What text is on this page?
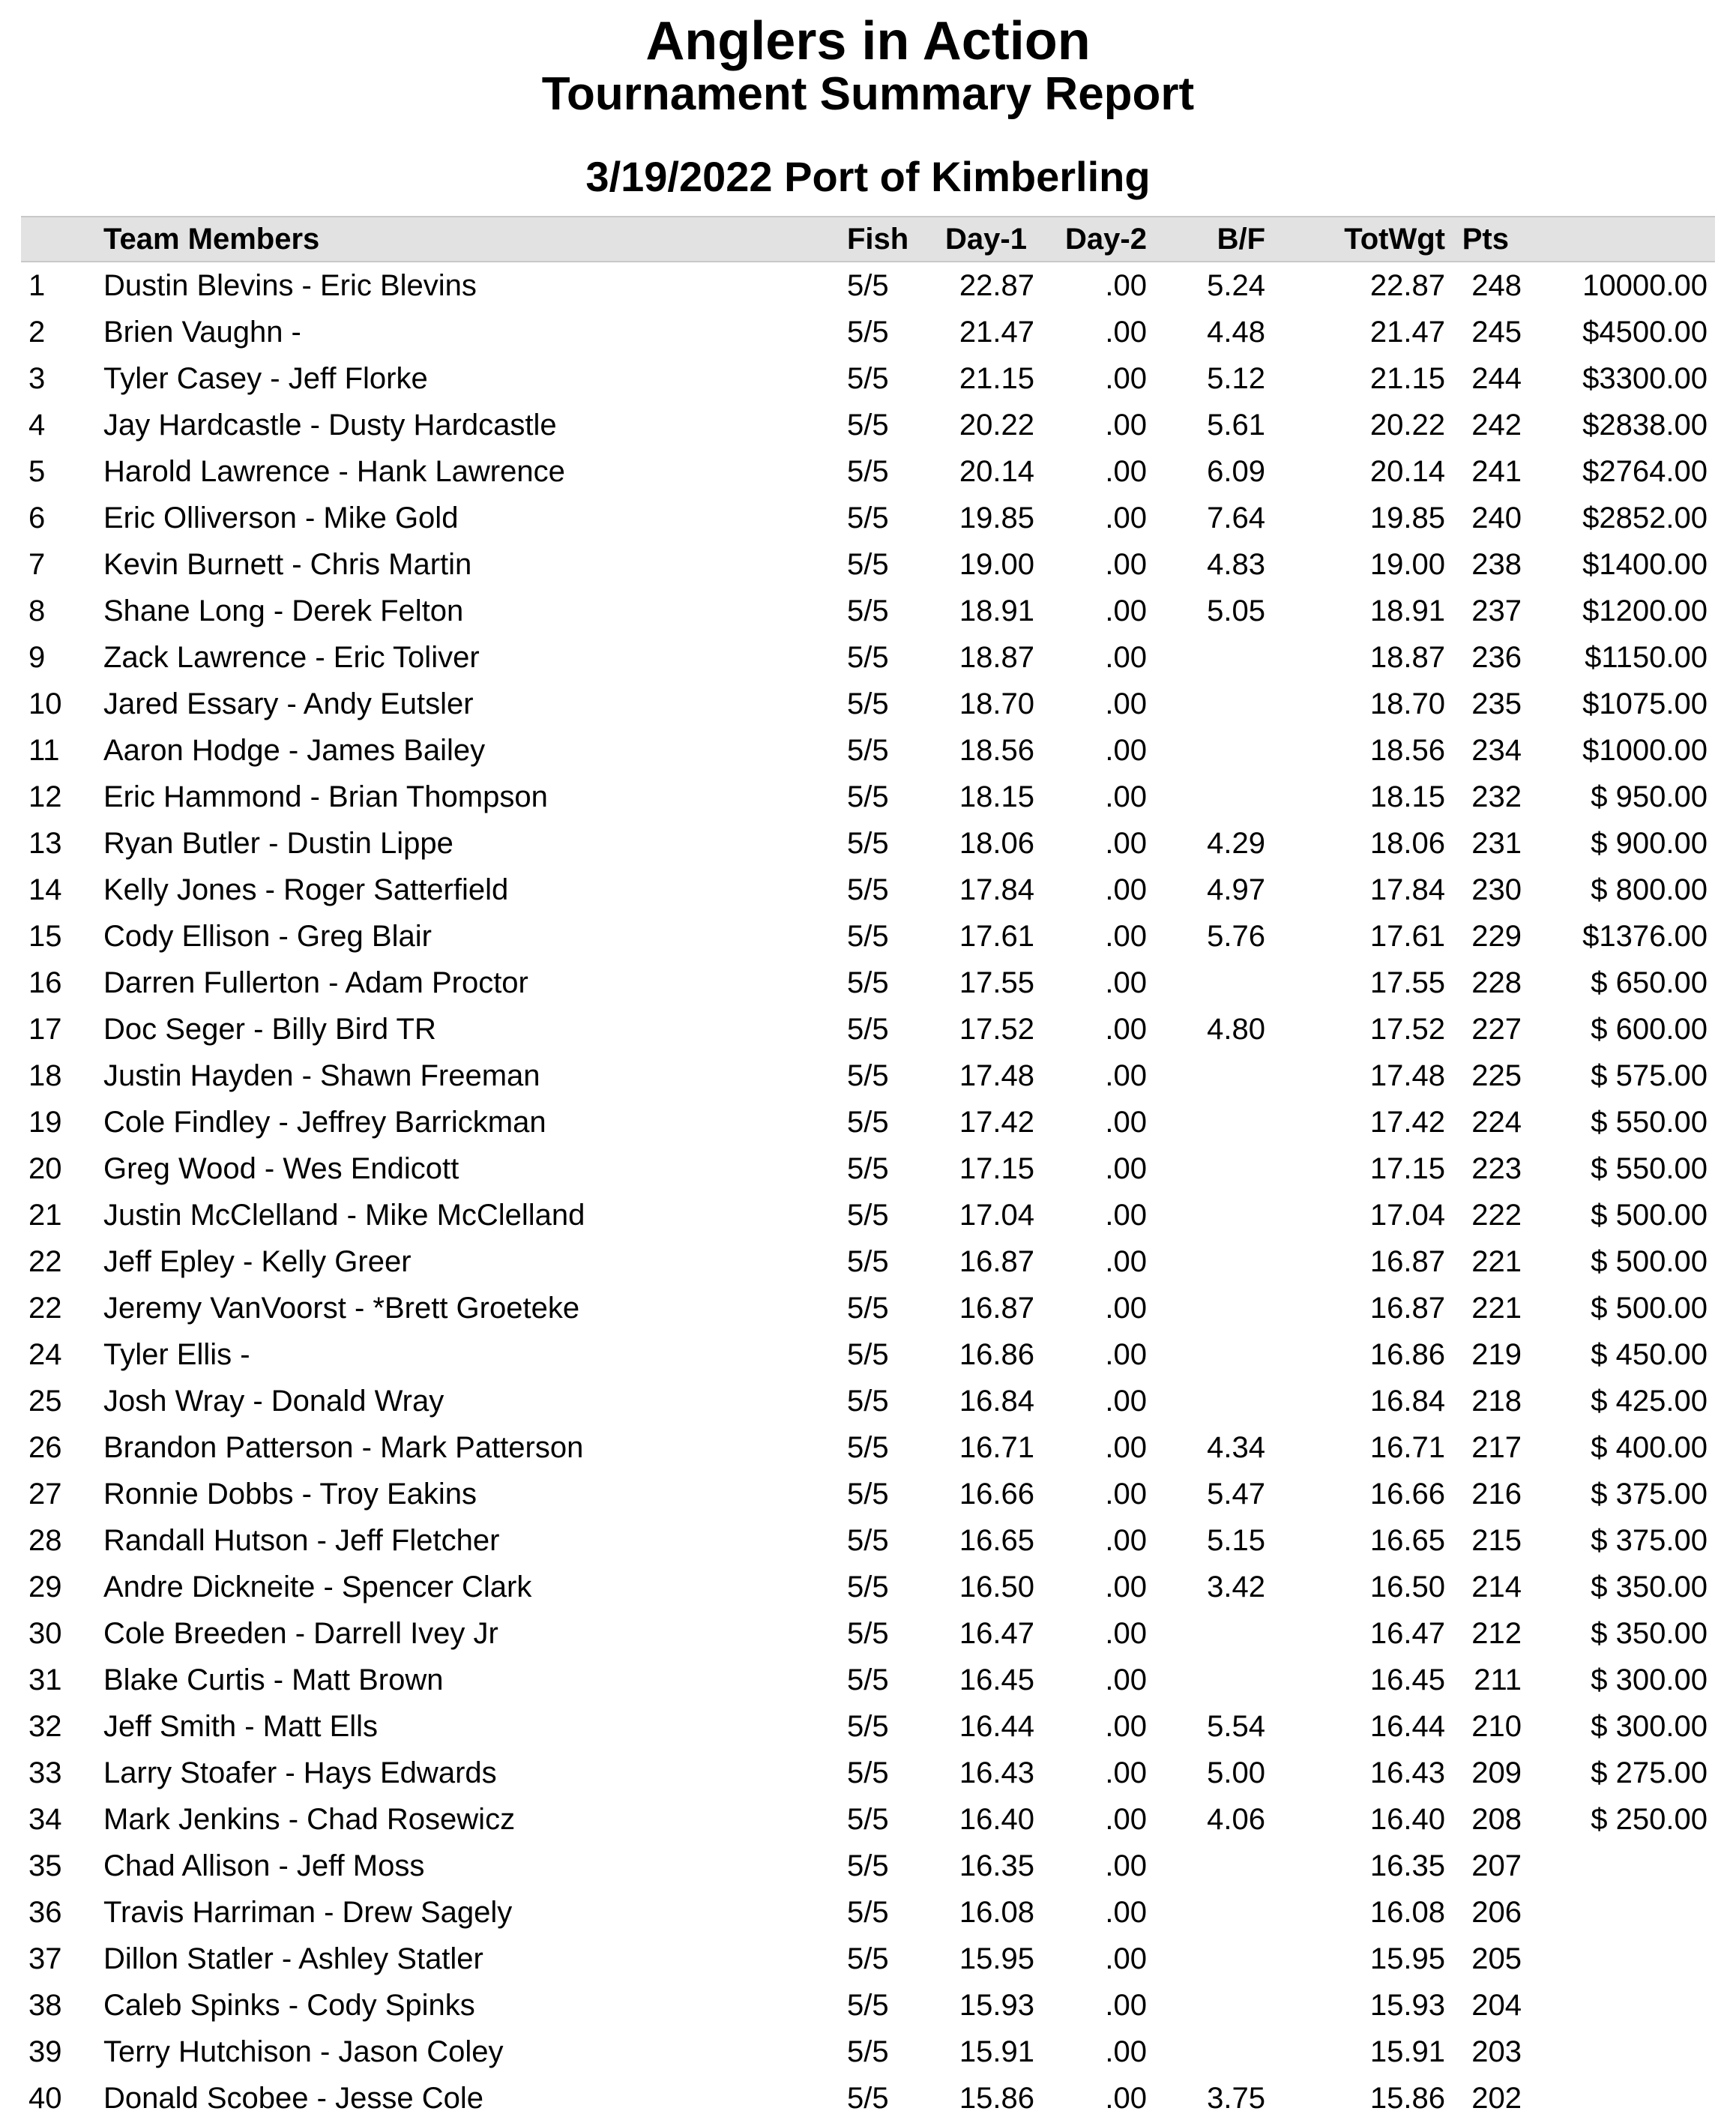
Anglers in Action
Tournament Summary Report
3/19/2022 Port of Kimberling
Team Members	Fish Day-1 Day-2 B/F	TotWgt Pts
1 Dustin Blevins - Eric Blevins	5/5 22.87 .00 5.24	22.87 248 10000.00
2 Brien Vaughn -	5/5 21.47 .00 4.48	21.47 245 $4500.00
3 Tyler Casey - Jeff Florke	5/5 21.15 .00 5.12	21.15 244 $3300.00
4 Jay Hardcastle - Dusty Hardcastle	5/5 20.22 .00 5.61	20.22 242 $2838.00
5 Harold Lawrence - Hank Lawrence	5/5 20.14 .00 6.09	20.14 241 $2764.00
6 Eric Olliverson - Mike Gold	5/5 19.85 .00 7.64	19.85 240 $2852.00
7 Kevin Burnett - Chris Martin	5/5 19.00 .00 4.83	19.00 238 $1400.00
8 Shane Long - Derek Felton	5/5 18.91 .00 5.05	18.91 237 $1200.00
9 Zack Lawrence - Eric Toliver	5/5 18.87 .00	18.87 236 $1150.00
10 Jared Essary - Andy Eutsler	5/5 18.70 .00	18.70 235 $1075.00
11 Aaron Hodge - James Bailey	5/5 18.56 .00	18.56 234 $1000.00
12 Eric Hammond - Brian Thompson	5/5 18.15 .00	18.15 232 $ 950.00
13 Ryan Butler - Dustin Lippe	5/5 18.06 .00 4.29	18.06 231 $ 900.00
14 Kelly Jones - Roger Satterfield	5/5 17.84 .00 4.97	17.84 230 $ 800.00
15 Cody Ellison - Greg Blair	5/5 17.61 .00 5.76	17.61 229 $1376.00
16 Darren Fullerton - Adam Proctor	5/5 17.55 .00	17.55 228 $ 650.00
17 Doc Seger - Billy Bird TR	5/5 17.52 .00 4.80	17.52 227 $ 600.00
18 Justin Hayden - Shawn Freeman	5/5 17.48 .00	17.48 225 $ 575.00
19 Cole Findley - Jeffrey Barrickman	5/5 17.42 .00	17.42 224 $ 550.00
20 Greg Wood - Wes Endicott	5/5 17.15 .00	17.15 223 $ 550.00
21 Justin McClelland - Mike McClelland	5/5 17.04 .00	17.04 222 $ 500.00
22 Jeff Epley - Kelly Greer	5/5 16.87 .00	16.87 221 $ 500.00
22 Jeremy VanVoorst - *Brett Groeteke	5/5 16.87 .00	16.87 221 $ 500.00
24 Tyler Ellis -	5/5 16.86 .00	16.86 219 $ 450.00
25 Josh Wray - Donald Wray	5/5 16.84 .00	16.84 218 $ 425.00
26 Brandon Patterson - Mark Patterson	5/5 16.71 .00 4.34	16.71 217 $ 400.00
27 Ronnie Dobbs - Troy Eakins	5/5 16.66 .00 5.47	16.66 216 $ 375.00
28 Randall Hutson - Jeff Fletcher	5/5 16.65 .00 5.15	16.65 215 $ 375.00
29 Andre Dickneite - Spencer Clark	5/5 16.50 .00 3.42	16.50 214 $ 350.00
30 Cole Breeden - Darrell Ivey Jr	5/5 16.47 .00	16.47 212 $ 350.00
31 Blake Curtis - Matt Brown	5/5 16.45 .00	16.45 211 $ 300.00
32 Jeff Smith - Matt Ells	5/5 16.44 .00 5.54	16.44 210 $ 300.00
33 Larry Stoafer - Hays Edwards	5/5 16.43 .00 5.00	16.43 209 $ 275.00
34 Mark Jenkins - Chad Rosewicz	5/5 16.40 .00 4.06	16.40 208 $ 250.00
35 Chad Allison - Jeff Moss	5/5 16.35 .00	16.35 207
36 Travis Harriman - Drew Sagely	5/5 16.08 .00	16.08 206
37 Dillon Statler - Ashley Statler	5/5 15.95 .00	15.95 205
38 Caleb Spinks - Cody Spinks	5/5 15.93 .00	15.93 204
39 Terry Hutchison - Jason Coley	5/5 15.91 .00	15.91 203
40 Donald Scobee - Jesse Cole	5/5 15.86 .00 3.75	15.86 202
